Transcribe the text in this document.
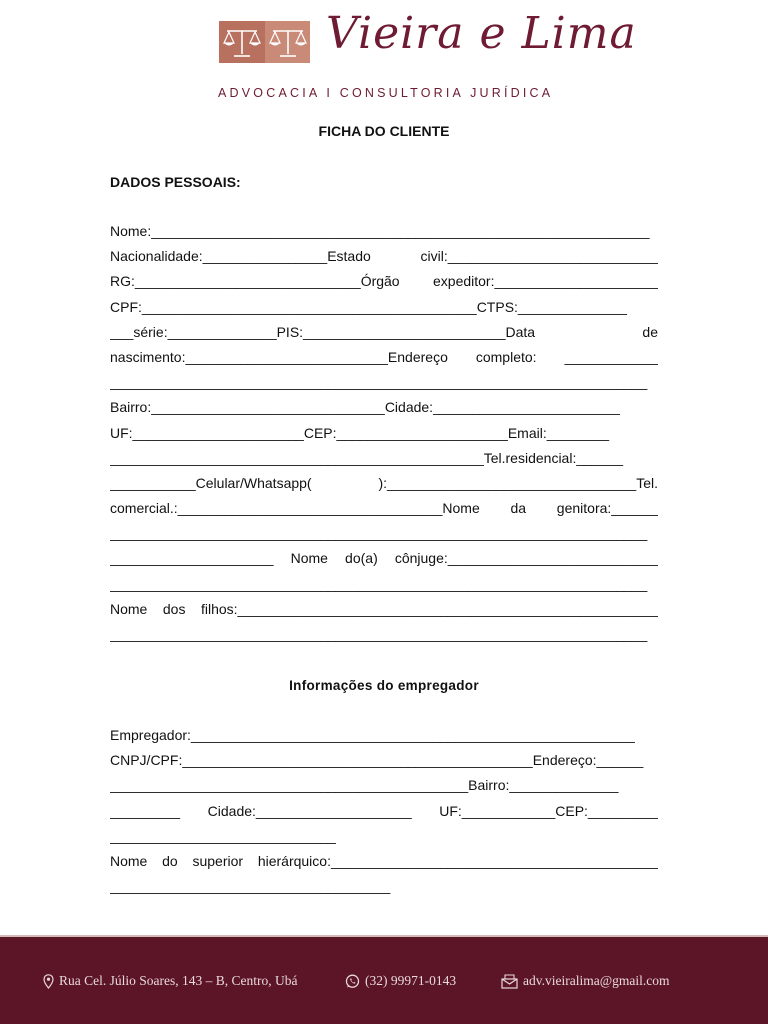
Vieira e Lima
ADVOCACIA I CONSULTORIA JURÍDICA
FICHA DO CLIENTE
DADOS PESSOAIS:
Nome:________________________________________________________________
Nacionalidade:________________Estado civil:___________________________
RG:_____________________________Órgão expeditor:_____________________
CPF:___________________________________________CTPS:______________
___série:______________PIS:__________________________Data de
nascimento:__________________________Endereço completo: ____________
_____________________________________________________________________
Bairro:______________________________Cidade:________________________
UF:______________________CEP:______________________Email:________
________________________________________________Tel.residencial:______
___________Celular/Whatsapp( ):________________________________Tel.
comercial.:__________________________________Nome da genitora:______
_____________________________________________________________________
_____________________ Nome do(a) cônjuge:___________________________
_____________________________________________________________________
Nome dos filhos:______________________________________________________
_____________________________________________________________________
Informações do empregador
Empregador:_________________________________________________________
CNPJ/CPF:_____________________________________________Endereço:______
______________________________________________Bairro:______________
_________ Cidade:____________________ UF:____________CEP:_________
_____________________________
Nome do superior hierárquico:__________________________________________
____________________________________
Rua Cel. Júlio Soares, 143 – B, Centro, Ubá	(32) 99971-0143	adv.vieiralima@gmail.com
